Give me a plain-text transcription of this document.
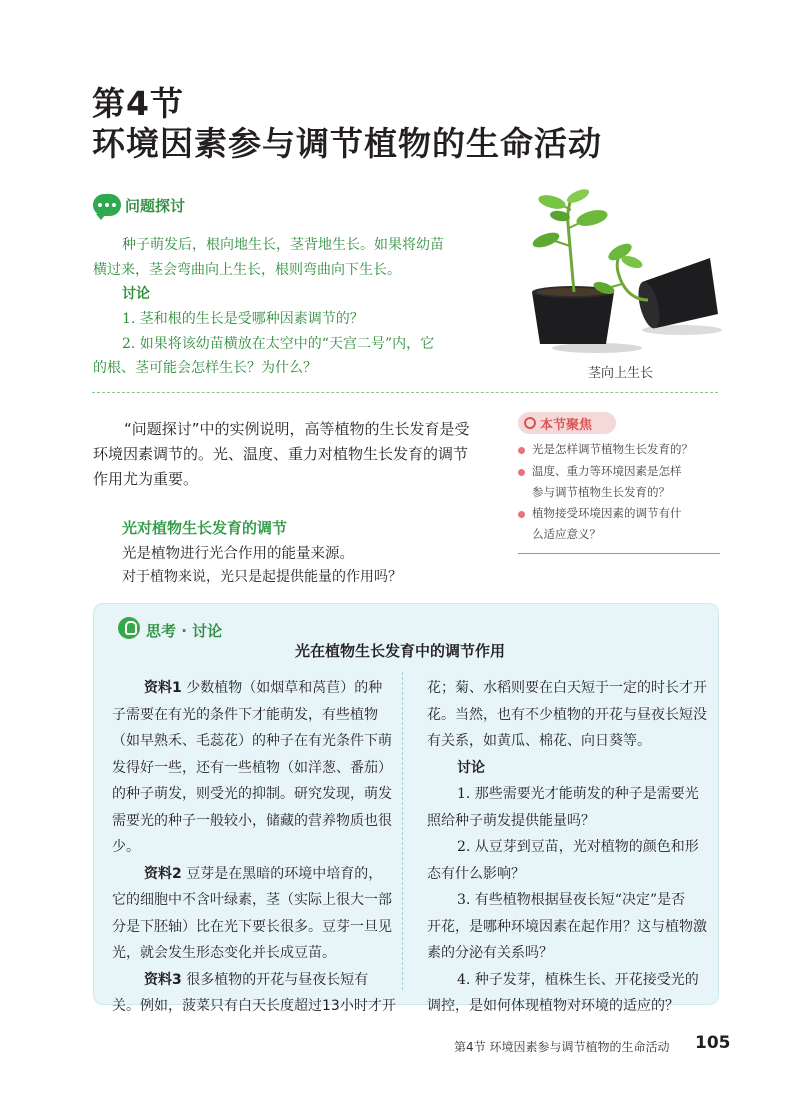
第4节
环境因素参与调节植物的生命活动
问题探讨
种子萌发后，根向地生长，茎背地生长。如果将幼苗
横过来，茎会弯曲向上生长，根则弯曲向下生长。
讨论
1. 茎和根的生长是受哪种因素调节的？
2. 如果将该幼苗横放在太空中的“天宫二号”内，它
的根、茎可能会怎样生长？为什么？	茎向上生长
“问题探讨”中的实例说明，高等植物的生长发育是受
环境因素调节的。光、温度、重力对植物生长发育的调节
作用尤为重要。
本节聚焦
光是怎样调节植物生长发育的？
温度、重力等环境因素是怎样
参与调节植物生长发育的？
植物接受环境因素的调节有什
么适应意义？
光对植物生长发育的调节
光是植物进行光合作用的能量来源。
对于植物来说，光只是起提供能量的作用吗？
思考 · 讨论
光在植物生长发育中的调节作用
资料1 少数植物（如烟草和莴苣）的种
子需要在有光的条件下才能萌发，有些植物
（如早熟禾、毛蕊花）的种子在有光条件下萌
发得好一些，还有一些植物（如洋葱、番茄）
的种子萌发，则受光的抑制。研究发现，萌发
需要光的种子一般较小，储藏的营养物质也很
少。
资料2 豆芽是在黑暗的环境中培育的，
它的细胞中不含叶绿素，茎（实际上很大一部
分是下胚轴）比在光下要长很多。豆芽一旦见
光，就会发生形态变化并长成豆苗。
资料3 很多植物的开花与昼夜长短有
关。例如，菠菜只有白天长度超过13小时才开
花；菊、水稻则要在白天短于一定的时长才开
花。当然，也有不少植物的开花与昼夜长短没
有关系，如黄瓜、棉花、向日葵等。
讨论
1. 那些需要光才能萌发的种子是需要光
照给种子萌发提供能量吗？
2. 从豆芽到豆苗，光对植物的颜色和形
态有什么影响？
3. 有些植物根据昼夜长短“决定”是否
开花，是哪种环境因素在起作用？这与植物激
素的分泌有关系吗？
4. 种子发芽，植株生长、开花接受光的
调控，是如何体现植物对环境的适应的？
第4节 环境因素参与调节植物的生命活动 105
